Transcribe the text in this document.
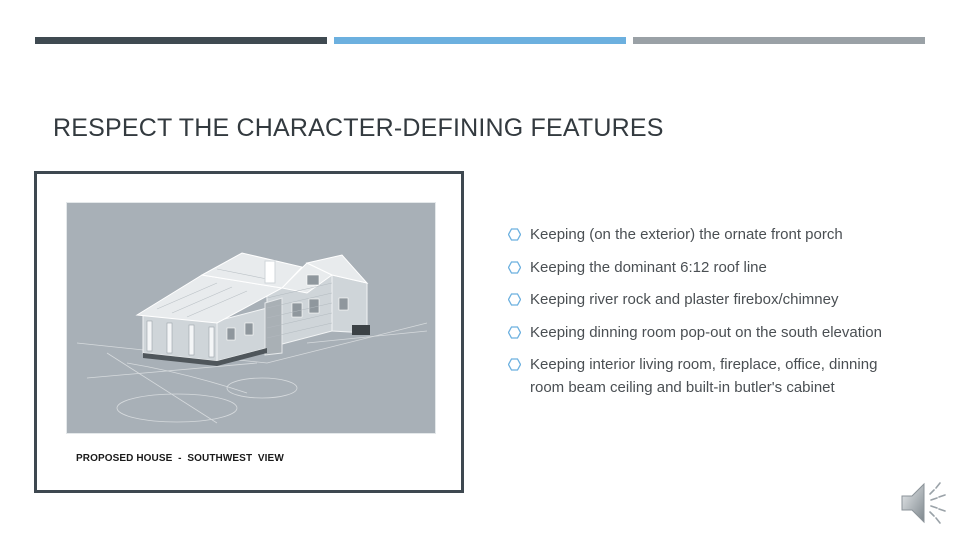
RESPECT THE CHARACTER-DEFINING FEATURES
PROPOSED HOUSE  -  SOUTHWEST  VIEW
Keeping (on the exterior) the ornate front porch
Keeping the dominant 6:12 roof line
Keeping river rock and plaster firebox/chimney
Keeping dinning room pop-out on the south elevation
Keeping interior living room, fireplace, office, dinning room beam ceiling and built-in butler's cabinet
